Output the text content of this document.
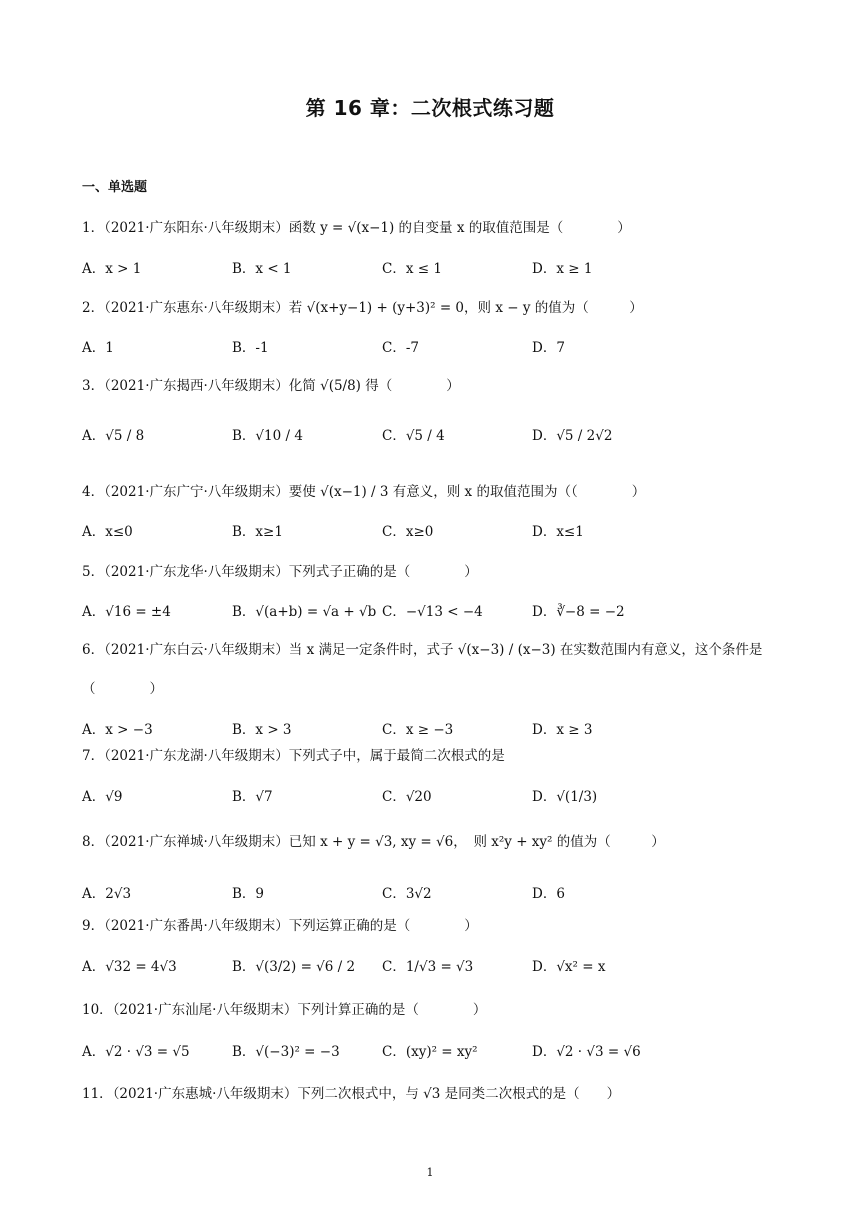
第 16 章：二次根式练习题
一、单选题
1．（2021·广东阳东·八年级期末）函数 y = √(x−1) 的自变量 x 的取值范围是（　　　　）
A．x > 1	B．x < 1	C．x ≤ 1	D．x ≥ 1
2．（2021·广东惠东·八年级期末）若 √(x+y−1) + (y+3)² = 0，则 x − y 的值为（　　　）
A．1	B．-1	C．-7	D．7
3．（2021·广东揭西·八年级期末）化简 √(5/8) 得（　　　　）
A．√5 / 8	B．√10 / 4	C．√5 / 4	D．√5 / 2√2
4．（2021·广东广宁·八年级期末）要使 √(x−1) / 3 有意义，则 x 的取值范围为（（　　　　）
A．x≤0	B．x≥1	C．x≥0	D．x≤1
5．（2021·广东龙华·八年级期末）下列式子正确的是（　　　　）
A．√16 = ±4	B．√(a+b) = √a + √b C．−√13 < −4	D．∛−8 = −2
6．（2021·广东白云·八年级期末）当 x 满足一定条件时，式子 √(x−3) / (x−3) 在实数范围内有意义，这个条件是
（　　　　）
A．x > −3	B．x > 3	C．x ≥ −3	D．x ≥ 3
7．（2021·广东龙湖·八年级期末）下列式子中，属于最简二次根式的是
A．√9	B．√7	C．√20	D．√(1/3)
8．（2021·广东禅城·八年级期末）已知 x + y = √3, xy = √6，　则 x²y + xy² 的值为（　　　）
A．2√3	B．9	C．3√2	D．6
9．（2021·广东番禺·八年级期末）下列运算正确的是（　　　　）
A．√32 = 4√3	B．√(3/2) = √6 / 2 C．1/√3 = √3	D．√x² = x
10．（2021·广东汕尾·八年级期末）下列计算正确的是（　　　　）
A．√2 · √3 = √5	B．√(−3)² = −3	C．(xy)² = xy²	D．√2 · √3 = √6
11．（2021·广东惠城·八年级期末）下列二次根式中，与 √3 是同类二次根式的是（　　）
1
